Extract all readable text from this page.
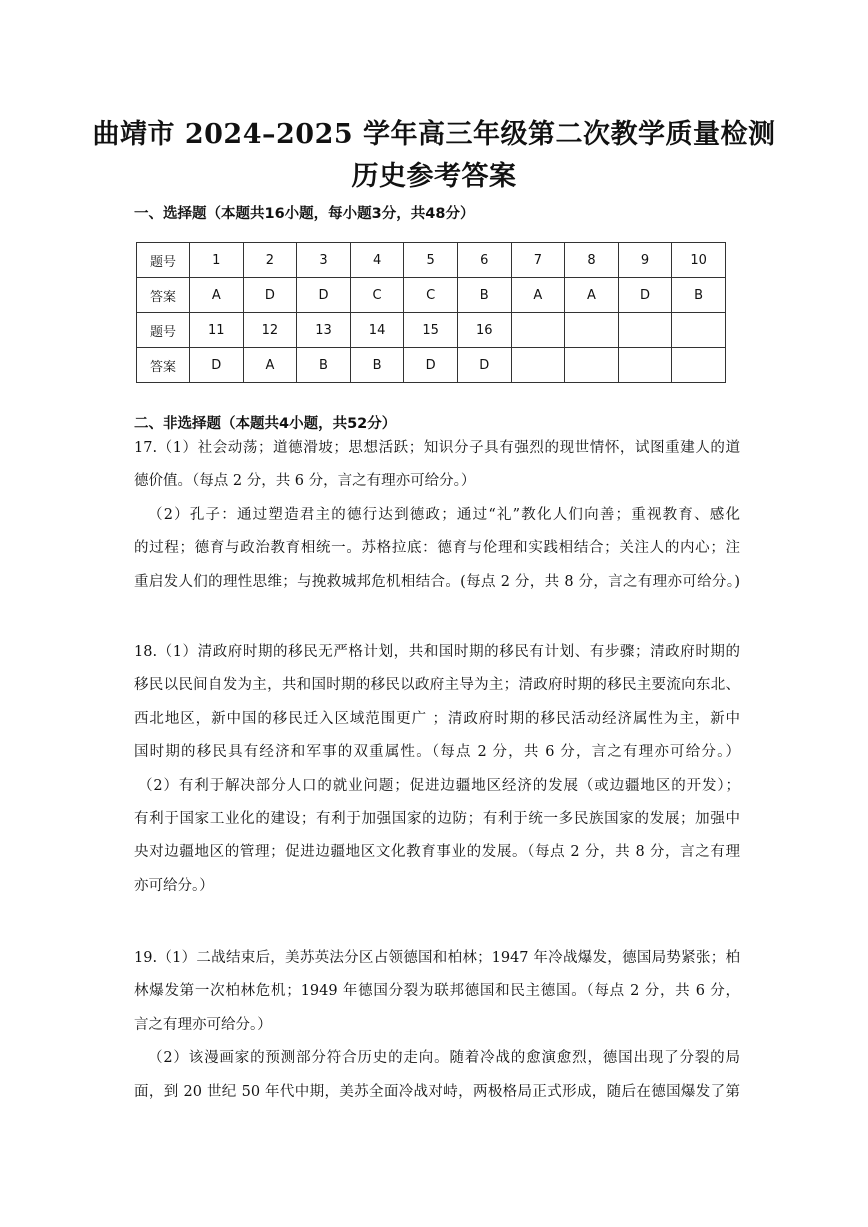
曲靖市 2024–2025 学年高三年级第二次教学质量检测
历史参考答案
一、选择题（本题共16小题，每小题3分，共48分）
题号	1	2	3	4	5	6	7	8	9	10
答案	A	D	D	C	C	B	A	A	D	B
题号	11	12	13	14	15	16				
答案	D	A	B	B	D	D				
二、非选择题（本题共4小题，共52分）
17.（1）社会动荡；道德滑坡；思想活跃；知识分子具有强烈的现世情怀，试图重建人的道
德价值。（每点 2 分，共 6 分，言之有理亦可给分。）
（2）孔子：通过塑造君主的德行达到德政；通过“礼”教化人们向善；重视教育、感化
的过程；德育与政治教育相统一。苏格拉底：德育与伦理和实践相结合；关注人的内心；注
重启发人们的理性思维；与挽救城邦危机相结合。(每点 2 分，共 8 分，言之有理亦可给分。)
18.（1）清政府时期的移民无严格计划，共和国时期的移民有计划、有步骤；清政府时期的
移民以民间自发为主，共和国时期的移民以政府主导为主；清政府时期的移民主要流向东北、
西北地区，新中国的移民迁入区域范围更广 ；清政府时期的移民活动经济属性为主，新中
国时期的移民具有经济和军事的双重属性。（每点 2 分，共 6 分，言之有理亦可给分。）
（2）有利于解决部分人口的就业问题；促进边疆地区经济的发展（或边疆地区的开发）；
有利于国家工业化的建设；有利于加强国家的边防；有利于统一多民族国家的发展；加强中
央对边疆地区的管理；促进边疆地区文化教育事业的发展。（每点 2 分，共 8 分，言之有理
亦可给分。）
19.（1）二战结束后，美苏英法分区占领德国和柏林；1947 年冷战爆发，德国局势紧张；柏
林爆发第一次柏林危机；1949 年德国分裂为联邦德国和民主德国。（每点 2 分，共 6 分，
言之有理亦可给分。）
（2）该漫画家的预测部分符合历史的走向。随着冷战的愈演愈烈，德国出现了分裂的局
面，到 20 世纪 50 年代中期，美苏全面冷战对峙，两极格局正式形成，随后在德国爆发了第
